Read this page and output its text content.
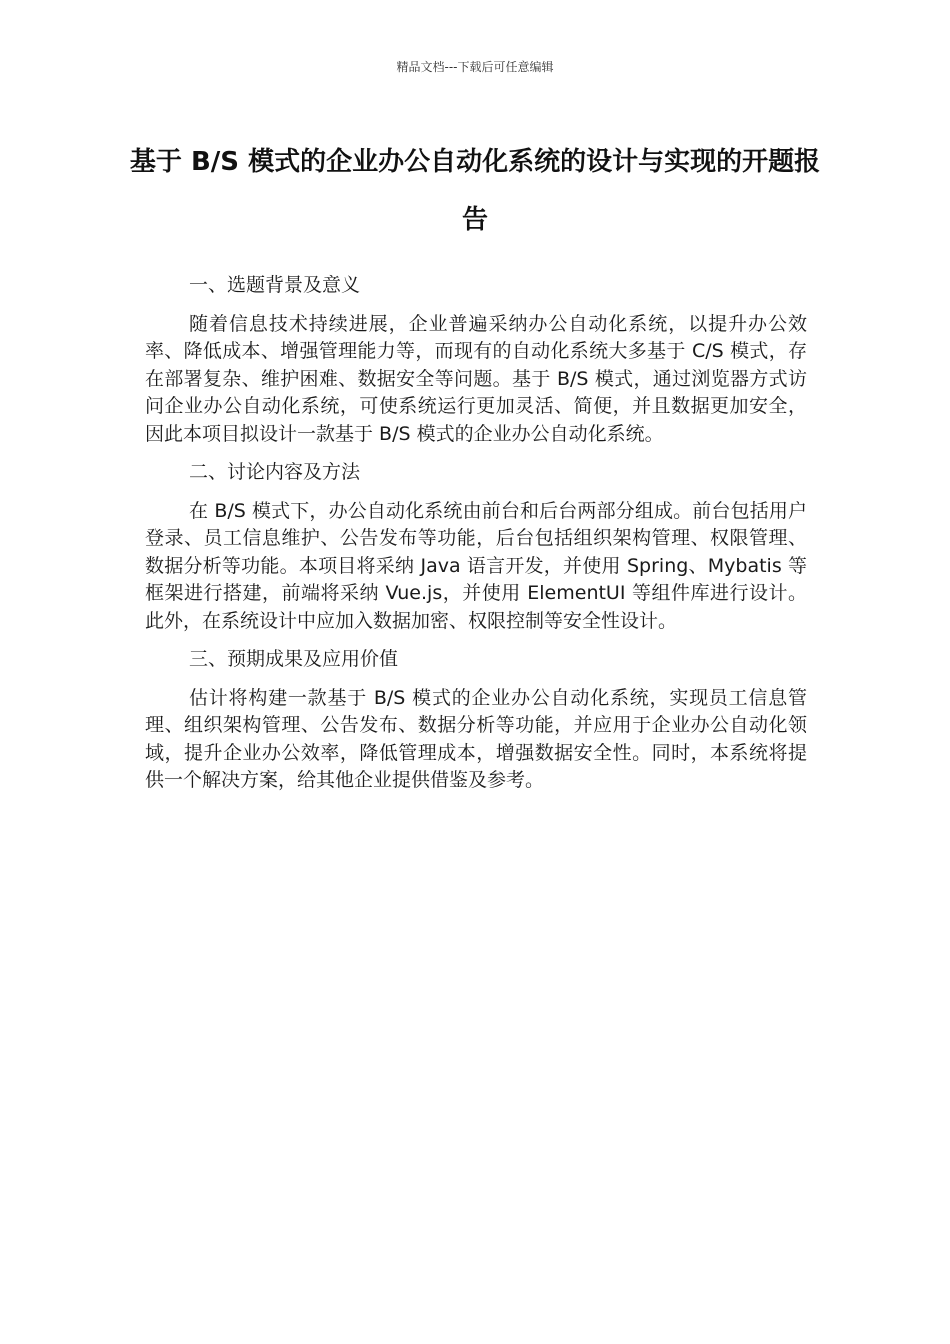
精品文档---下载后可任意编辑
基于 B/S 模式的企业办公自动化系统的设计与实现的开题报告
一、选题背景及意义
随着信息技术持续进展，企业普遍采纳办公自动化系统，以提升办公效率、降低成本、增强管理能力等，而现有的自动化系统大多基于 C/S 模式，存在部署复杂、维护困难、数据安全等问题。基于 B/S 模式，通过浏览器方式访问企业办公自动化系统，可使系统运行更加灵活、简便，并且数据更加安全，因此本项目拟设计一款基于 B/S 模式的企业办公自动化系统。
二、讨论内容及方法
在 B/S 模式下，办公自动化系统由前台和后台两部分组成。前台包括用户登录、员工信息维护、公告发布等功能，后台包括组织架构管理、权限管理、数据分析等功能。本项目将采纳 Java 语言开发，并使用 Spring、Mybatis 等框架进行搭建，前端将采纳 Vue.js，并使用 ElementUI 等组件库进行设计。此外，在系统设计中应加入数据加密、权限控制等安全性设计。
三、预期成果及应用价值
估计将构建一款基于 B/S 模式的企业办公自动化系统，实现员工信息管理、组织架构管理、公告发布、数据分析等功能，并应用于企业办公自动化领域，提升企业办公效率，降低管理成本，增强数据安全性。同时，本系统将提供一个解决方案，给其他企业提供借鉴及参考。
